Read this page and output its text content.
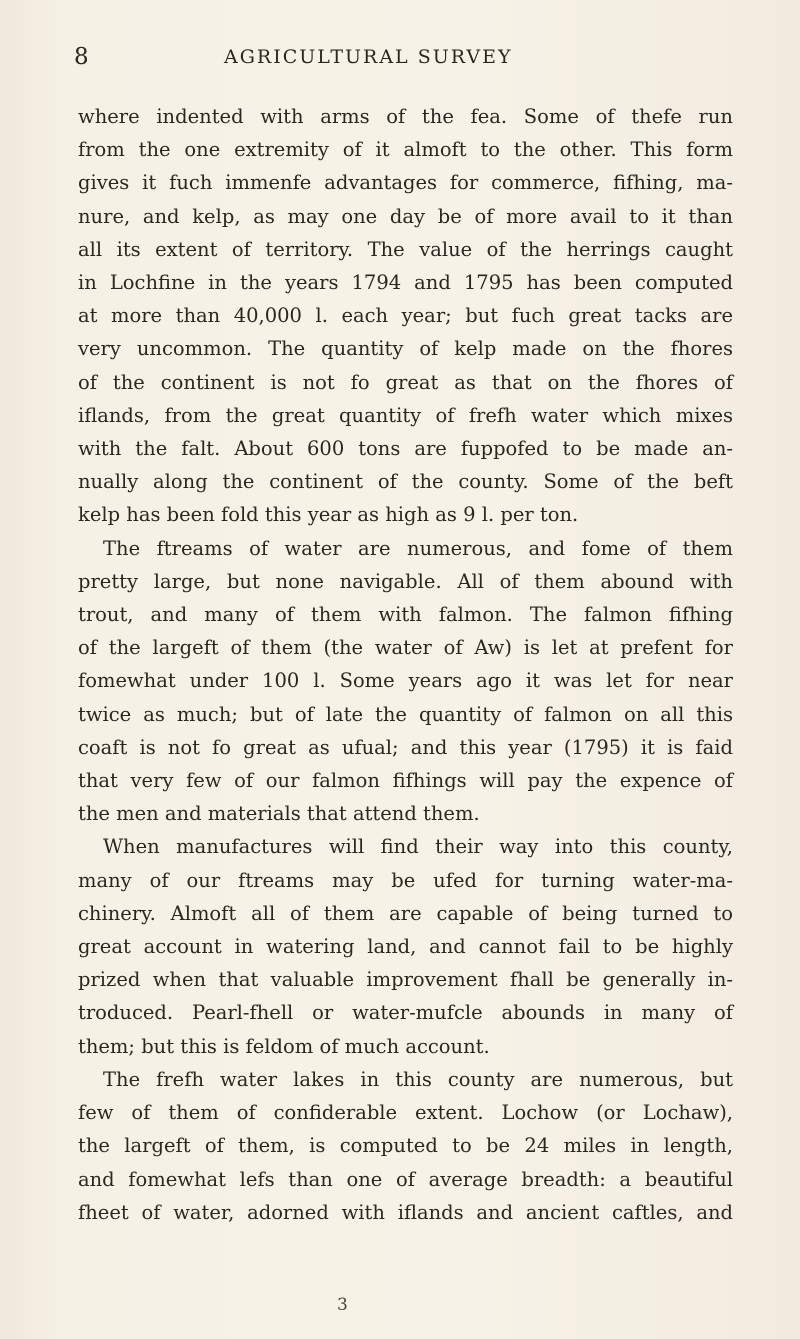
8	AGRICULTURAL SURVEY

where indented with arms of the fea. Some of thefe run
from the one extremity of it almoft to the other. This form
gives it fuch immenfe advantages for commerce, fifhing, ma-
nure, and kelp, as may one day be of more avail to it than
all its extent of territory. The value of the herrings caught
in Lochfine in the years 1794 and 1795 has been computed
at more than 40,000 l. each year; but fuch great tacks are
very uncommon. The quantity of kelp made on the fhores
of the continent is not fo great as that on the fhores of
iflands, from the great quantity of frefh water which mixes
with the falt. About 600 tons are fuppofed to be made an-
nually along the continent of the county. Some of the beft
kelp has been fold this year as high as 9 l. per ton.

The ftreams of water are numerous, and fome of them
pretty large, but none navigable. All of them abound with
trout, and many of them with falmon. The falmon fifhing
of the largeft of them (the water of Aw) is let at prefent for
fomewhat under 100 l. Some years ago it was let for near
twice as much; but of late the quantity of falmon on all this
coaft is not fo great as ufual; and this year (1795) it is faid
that very few of our falmon fifhings will pay the expence of
the men and materials that attend them.

When manufactures will find their way into this county,
many of our ftreams may be ufed for turning water-ma-
chinery. Almoft all of them are capable of being turned to
great account in watering land, and cannot fail to be highly
prized when that valuable improvement fhall be generally in-
troduced. Pearl-fhell or water-mufcle abounds in many of
them; but this is feldom of much account.

The frefh water lakes in this county are numerous, but
few of them of confiderable extent. Lochow (or Lochaw),
the largeft of them, is computed to be 24 miles in length,
and fomewhat lefs than one of average breadth: a beautiful
fheet of water, adorned with iflands and ancient caftles, and

3
